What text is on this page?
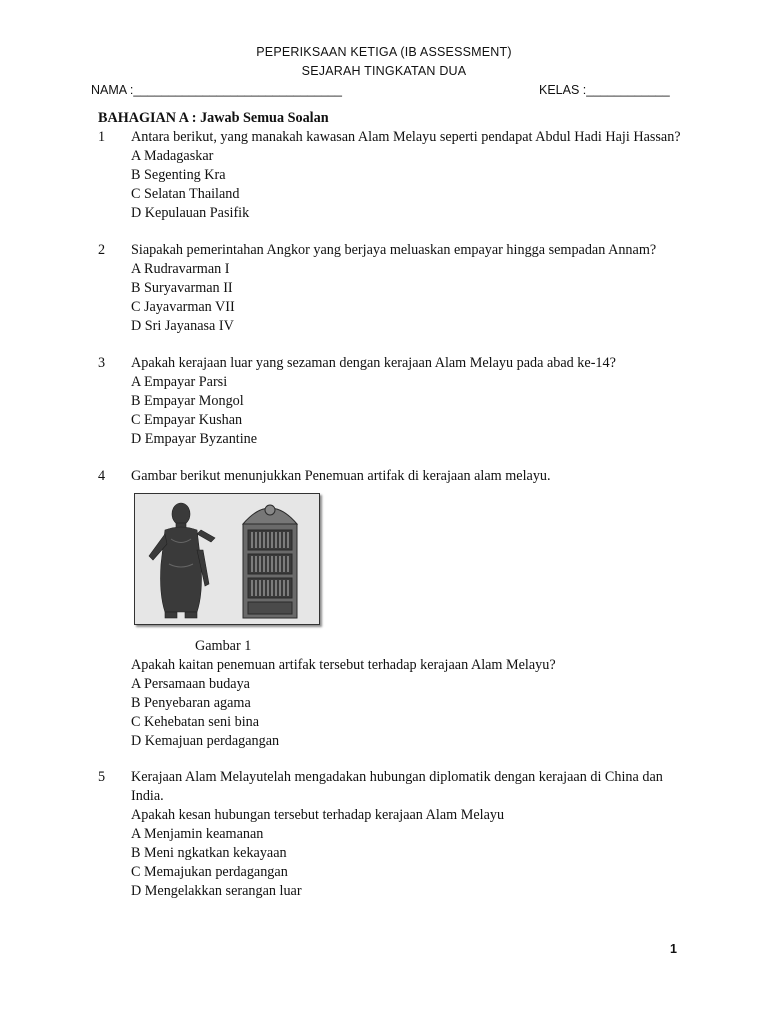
PEPERIKSAAN KETIGA (IB ASSESSMENT)
SEJARAH TINGKATAN DUA
NAMA :______________________________	KELAS :____________
BAHAGIAN A : Jawab Semua Soalan
1	Antara berikut, yang manakah kawasan Alam Melayu seperti pendapat Abdul Hadi Haji Hassan?
A Madagaskar
B Segenting Kra
C Selatan Thailand
D Kepulauan Pasifik
2	Siapakah pemerintahan Angkor yang berjaya meluaskan empayar hingga sempadan Annam?
A Rudravarman I
B Suryavarman II
C Jayavarman VII
D Sri Jayanasa IV
3	Apakah kerajaan luar yang sezaman dengan kerajaan Alam Melayu pada abad ke-14?
A Empayar Parsi
B Empayar Mongol
C Empayar Kushan
D Empayar Byzantine
4	Gambar berikut menunjukkan Penemuan artifak di kerajaan alam melayu.
Gambar 1
Apakah kaitan penemuan artifak tersebut terhadap kerajaan Alam Melayu?
A Persamaan budaya
B Penyebaran agama
C Kehebatan seni bina
D Kemajuan perdagangan
5	Kerajaan Alam Melayutelah mengadakan hubungan diplomatik dengan kerajaan di China dan
India.
Apakah kesan hubungan tersebut terhadap kerajaan Alam Melayu
A Menjamin keamanan
B Meni ngkatkan kekayaan
C Memajukan perdagangan
D Mengelakkan serangan luar
1
